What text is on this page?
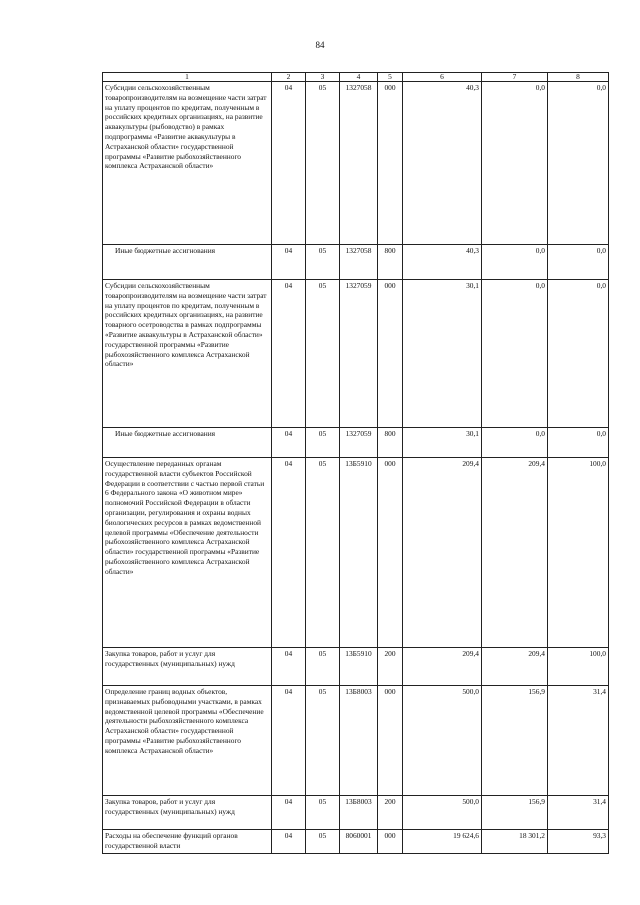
84
1	2	3	4	5	6	7	8
Субсидии сельскохозяйственным товаропроизводителям на возмещение части затрат на уплату процентов по кредитам, полученным в российских кредитных организациях, на развитие аквакультуры (рыбоводство) в рамках подпрограммы «Развитие аквакультуры в Астраханской области» государственной программы «Развитие рыбохозяйственного комплекса Астраханской области»	04	05	1327058	000	40,3	0,0	0,0
Иные бюджетные ассигнования	04	05	1327058	800	40,3	0,0	0,0
Субсидии сельскохозяйственным товаропроизводителям на возмещение части затрат на уплату процентов по кредитам, полученным в российских кредитных организациях, на развитие товарного осетроводства в рамках подпрограммы «Развитие аквакультуры в Астраханской области» государственной программы «Развитие рыбохозяйственного комплекса Астраханской области»	04	05	1327059	000	30,1	0,0	0,0
Иные бюджетные ассигнования	04	05	1327059	800	30,1	0,0	0,0
Осуществление переданных органам государственной власти субъектов Российской Федерации в соответствии с частью первой статьи 6 Федерального закона «О животном мире» полномочий Российской Федерации в области организации, регулирования и охраны водных биологических ресурсов в рамках ведомственной целевой программы «Обеспечение деятельности рыбохозяйственного комплекса Астраханской области» государственной программы «Развитие рыбохозяйственного комплекса Астраханской области»	04	05	13Б5910	000	209,4	209,4	100,0
Закупка товаров, работ и услуг для государственных (муниципальных) нужд	04	05	13Б5910	200	209,4	209,4	100,0
Определение границ водных объектов, признаваемых рыбоводными участками, в рамках ведомственной целевой программы «Обеспечение деятельности рыбохозяйственного комплекса Астраханской области» государственной программы «Развитие рыбохозяйственного комплекса Астраханской области»	04	05	13Б8003	000	500,0	156,9	31,4
Закупка товаров, работ и услуг для государственных (муниципальных) нужд	04	05	13Б8003	200	500,0	156,9	31,4
Расходы на обеспечение функций органов государственной власти	04	05	8060001	000	19 624,6	18 301,2	93,3
